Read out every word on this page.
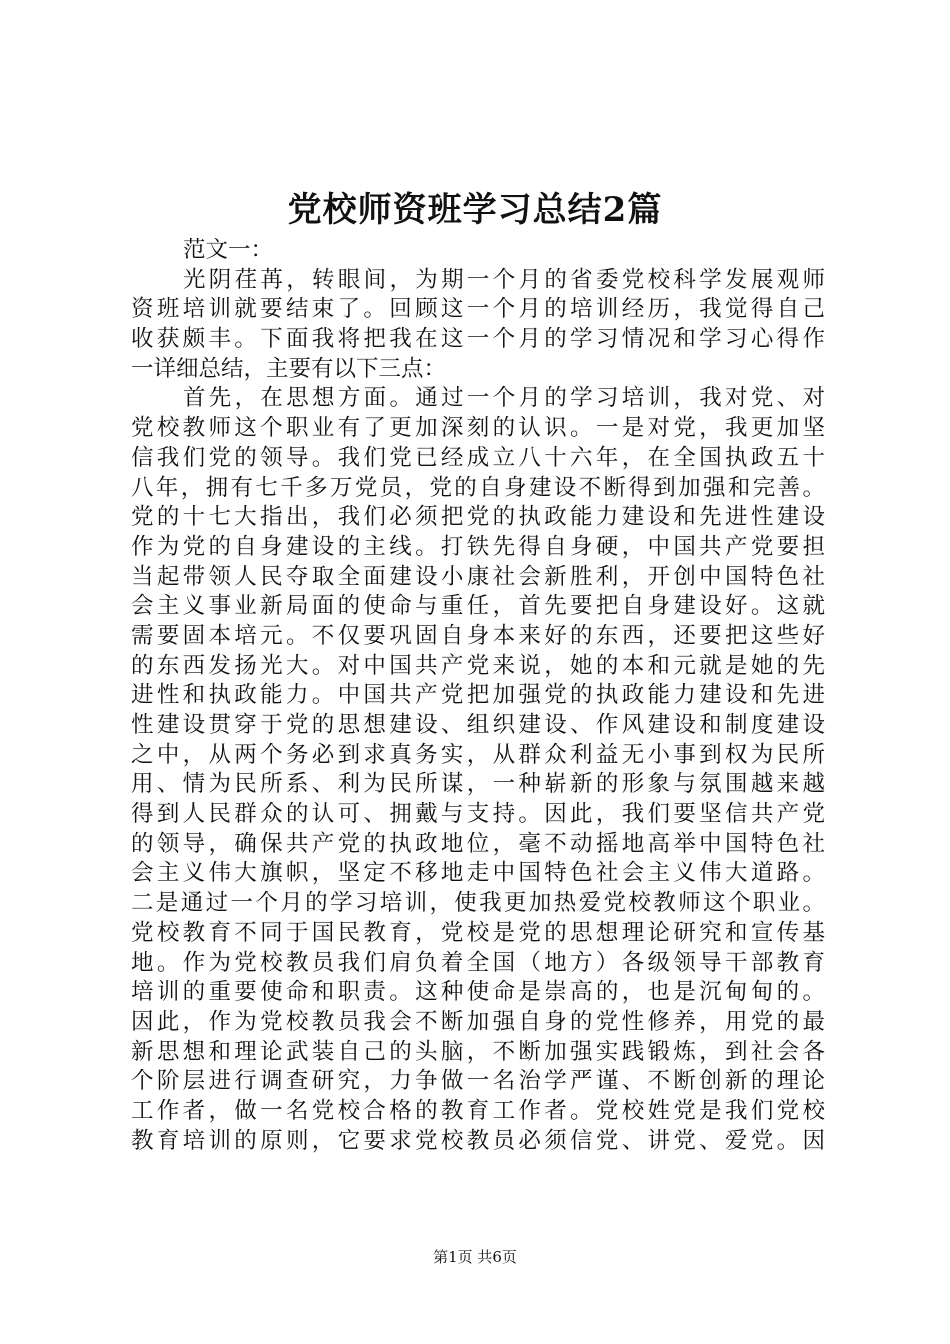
党校师资班学习总结2篇
范文一：
光阴荏苒，转眼间，为期一个月的省委党校科学发展观师
资班培训就要结束了。回顾这一个月的培训经历，我觉得自己
收获颇丰。下面我将把我在这一个月的学习情况和学习心得作
一详细总结，主要有以下三点：
首先，在思想方面。通过一个月的学习培训，我对党、对
党校教师这个职业有了更加深刻的认识。一是对党，我更加坚
信我们党的领导。我们党已经成立八十六年，在全国执政五十
八年，拥有七千多万党员，党的自身建设不断得到加强和完善。
党的十七大指出，我们必须把党的执政能力建设和先进性建设
作为党的自身建设的主线。打铁先得自身硬，中国共产党要担
当起带领人民夺取全面建设小康社会新胜利，开创中国特色社
会主义事业新局面的使命与重任，首先要把自身建设好。这就
需要固本培元。不仅要巩固自身本来好的东西，还要把这些好
的东西发扬光大。对中国共产党来说，她的本和元就是她的先
进性和执政能力。中国共产党把加强党的执政能力建设和先进
性建设贯穿于党的思想建设、组织建设、作风建设和制度建设
之中，从两个务必到求真务实，从群众利益无小事到权为民所
用、情为民所系、利为民所谋，一种崭新的形象与氛围越来越
得到人民群众的认可、拥戴与支持。因此，我们要坚信共产党
的领导，确保共产党的执政地位，毫不动摇地高举中国特色社
会主义伟大旗帜，坚定不移地走中国特色社会主义伟大道路。
二是通过一个月的学习培训，使我更加热爱党校教师这个职业。
党校教育不同于国民教育，党校是党的思想理论研究和宣传基
地。作为党校教员我们肩负着全国（地方）各级领导干部教育
培训的重要使命和职责。这种使命是崇高的，也是沉甸甸的。
因此，作为党校教员我会不断加强自身的党性修养，用党的最
新思想和理论武装自己的头脑，不断加强实践锻炼，到社会各
个阶层进行调查研究，力争做一名治学严谨、不断创新的理论
工作者，做一名党校合格的教育工作者。党校姓党是我们党校
教育培训的原则，它要求党校教员必须信党、讲党、爱党。因
第1页 共6页
